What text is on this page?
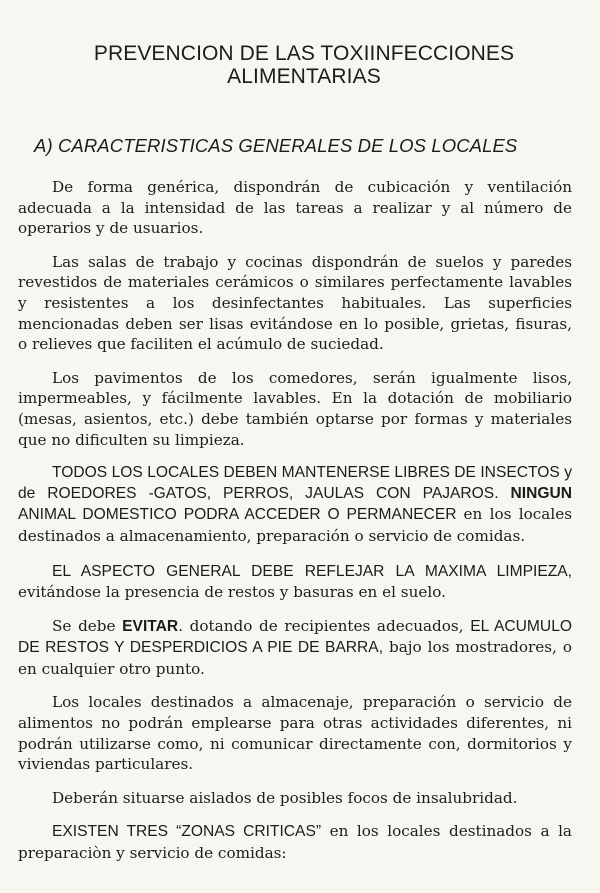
PREVENCION DE LAS TOXIINFECCIONES
ALIMENTARIAS
A) CARACTERISTICAS GENERALES DE LOS LOCALES

De forma genérica, dispondrán de cubicación y ventilación adecuada a la intensidad de las tareas a realizar y al número de operarios y de usuarios.

Las salas de trabajo y cocinas dispondrán de suelos y paredes revestidos de materiales cerámicos o similares perfectamente lavables y resistentes a los desinfectantes habituales. Las superficies mencionadas deben ser lisas evitándose en lo posible, grietas, fisuras, o relieves que faciliten el acúmulo de suciedad.

Los pavimentos de los comedores, serán igualmente lisos, impermeables, y fácilmente lavables. En la dotación de mobiliario (mesas, asientos, etc.) debe también optarse por formas y materiales que no dificulten su limpieza.

TODOS LOS LOCALES DEBEN MANTENERSE LIBRES DE INSECTOS y de ROEDORES -GATOS, PERROS, JAULAS CON PAJAROS. NINGUN ANIMAL DOMESTICO PODRA ACCEDER O PERMANECER en los locales destinados a almacenamiento, preparación o servicio de comidas.

EL ASPECTO GENERAL DEBE REFLEJAR LA MAXIMA LIMPIEZA, evitándose la presencia de restos y basuras en el suelo.

Se debe EVITAR. dotando de recipientes adecuados, EL ACUMULO DE RESTOS Y DESPERDICIOS A PIE DE BARRA, bajo los mostradores, o en cualquier otro punto.

Los locales destinados a almacenaje, preparación o servicio de alimentos no podrán emplearse para otras actividades diferentes, ni podrán utilizarse como, ni comunicar directamente con, dormitorios y viviendas particulares.

Deberán situarse aislados de posibles focos de insalubridad.

EXISTEN TRES “ZONAS CRITICAS” en los locales destinados a la preparaciòn y servicio de comidas:
